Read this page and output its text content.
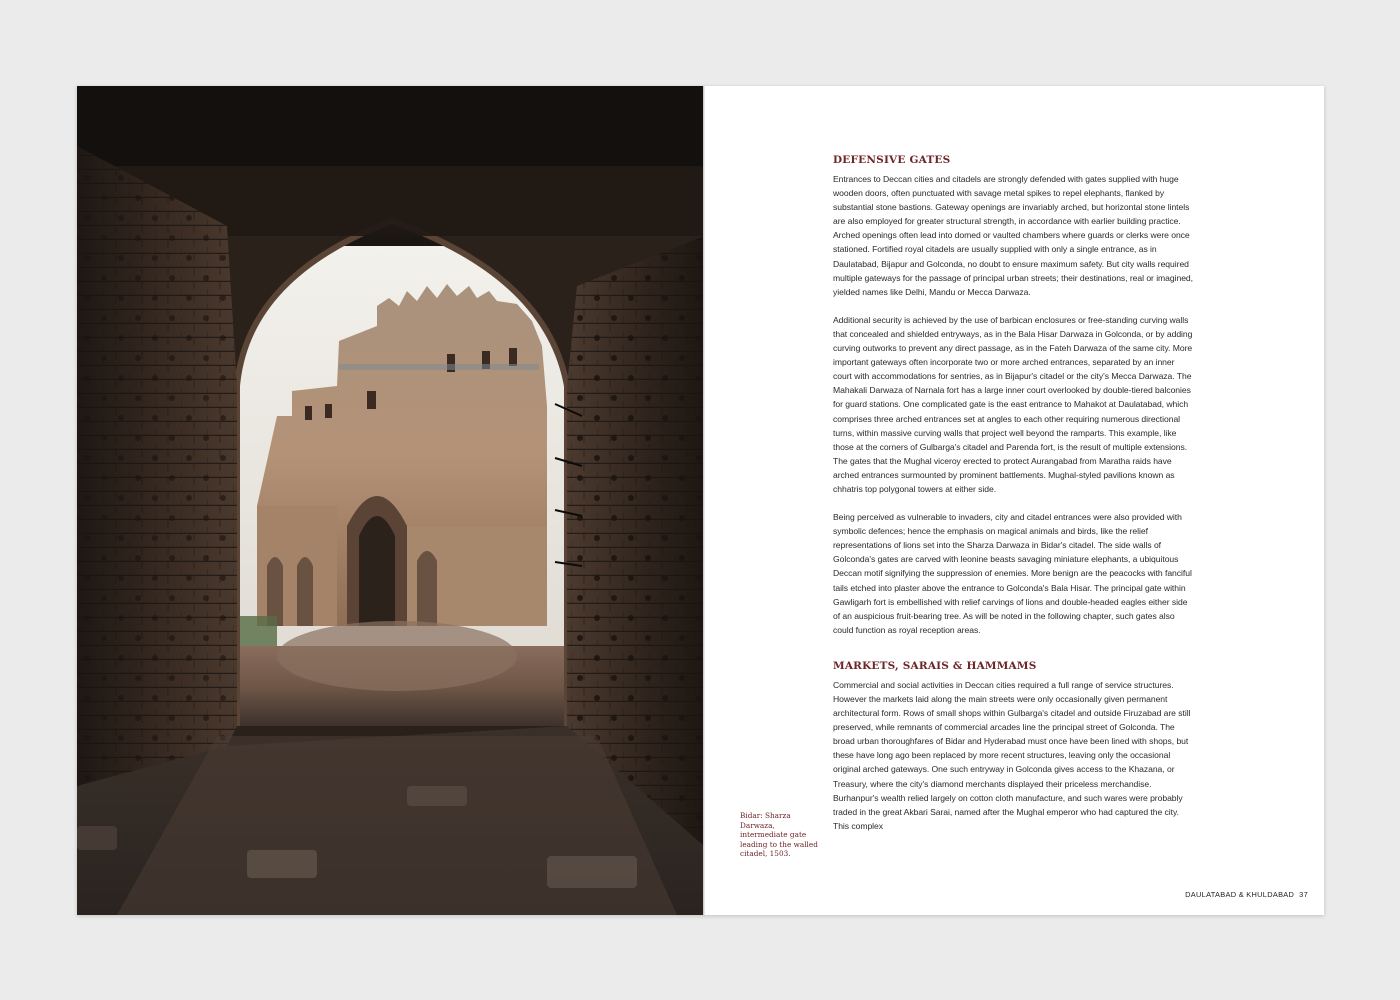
Bidar: Sharza Darwaza, intermediate gate leading to the walled citadel, 1503.

DEFENSIVE GATES

Entrances to Deccan cities and citadels are strongly defended with gates supplied with huge wooden doors, often punctuated with savage metal spikes to repel elephants, flanked by substantial stone bastions. Gateway openings are invariably arched, but horizontal stone lintels are also employed for greater structural strength, in accordance with earlier building practice. Arched openings often lead into domed or vaulted chambers where guards or clerks were once stationed. Fortified royal citadels are usually supplied with only a single entrance, as in Daulatabad, Bijapur and Golconda, no doubt to ensure maximum safety. But city walls required multiple gateways for the passage of principal urban streets; their destinations, real or imagined, yielded names like Delhi, Mandu or Mecca Darwaza.

Additional security is achieved by the use of barbican enclosures or free-standing curving walls that concealed and shielded entryways, as in the Bala Hisar Darwaza in Golconda, or by adding curving outworks to prevent any direct passage, as in the Fateh Darwaza of the same city. More important gateways often incorporate two or more arched entrances, separated by an inner court with accommodations for sentries, as in Bijapur's citadel or the city's Mecca Darwaza. The Mahakali Darwaza of Narnala fort has a large inner court overlooked by double-tiered balconies for guard stations. One complicated gate is the east entrance to Mahakot at Daulatabad, which comprises three arched entrances set at angles to each other requiring numerous directional turns, within massive curving walls that project well beyond the ramparts. This example, like those at the corners of Gulbarga's citadel and Parenda fort, is the result of multiple extensions. The gates that the Mughal viceroy erected to protect Aurangabad from Maratha raids have arched entrances surmounted by prominent battlements. Mughal-styled pavilions known as chhatris top polygonal towers at either side.

Being perceived as vulnerable to invaders, city and citadel entrances were also provided with symbolic defences; hence the emphasis on magical animals and birds, like the relief representations of lions set into the Sharza Darwaza in Bidar's citadel. The side walls of Golconda's gates are carved with leonine beasts savaging miniature elephants, a ubiquitous Deccan motif signifying the suppression of enemies. More benign are the peacocks with fanciful tails etched into plaster above the entrance to Golconda's Bala Hisar. The principal gate within Gawligarh fort is embellished with relief carvings of lions and double-headed eagles either side of an auspicious fruit-bearing tree. As will be noted in the following chapter, such gates also could function as royal reception areas.

MARKETS, SARAIS & HAMMAMS

Commercial and social activities in Deccan cities required a full range of service structures. However the markets laid along the main streets were only occasionally given permanent architectural form. Rows of small shops within Gulbarga's citadel and outside Firuzabad are still preserved, while remnants of commercial arcades line the principal street of Golconda. The broad urban thoroughfares of Bidar and Hyderabad must once have been lined with shops, but these have long ago been replaced by more recent structures, leaving only the occasional original arched gateways. One such entryway in Golconda gives access to the Khazana, or Treasury, where the city's diamond merchants displayed their priceless merchandise. Burhanpur's wealth relied largely on cotton cloth manufacture, and such wares were probably traded in the great Akbari Sarai, named after the Mughal emperor who had captured the city. This complex

DAULATABAD & KHULDABAD 37
